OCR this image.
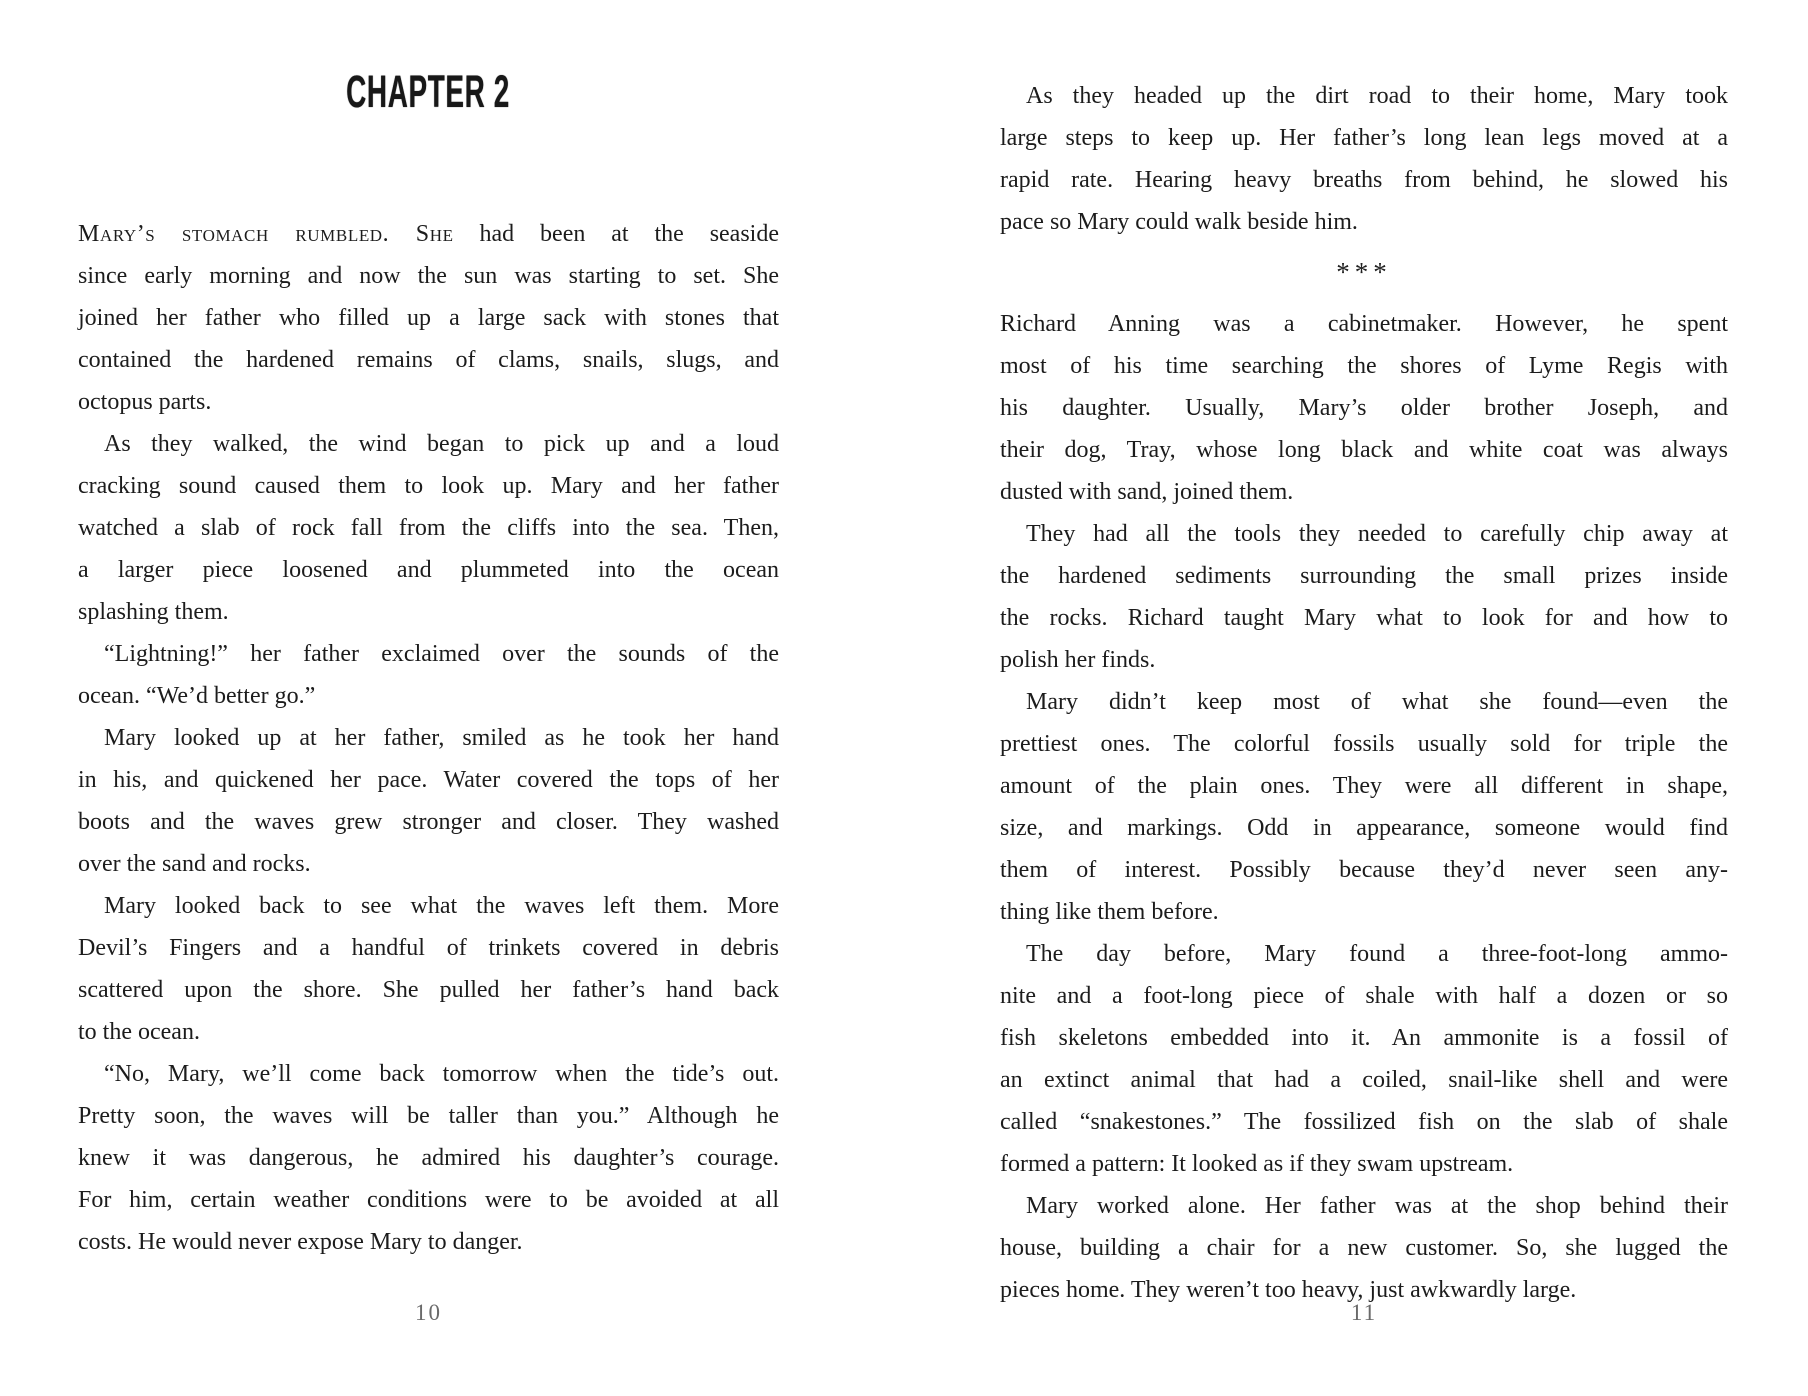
CHAPTER 2
Mary’s stomach rumbled. She had been at the seaside
since early morning and now the sun was starting to set. She
joined her father who filled up a large sack with stones that
contained the hardened remains of clams, snails, slugs, and
octopus parts.
As they walked, the wind began to pick up and a loud
cracking sound caused them to look up. Mary and her father
watched a slab of rock fall from the cliffs into the sea. Then,
a larger piece loosened and plummeted into the ocean
splashing them.
“Lightning!” her father exclaimed over the sounds of the
ocean. “We’d better go.”
Mary looked up at her father, smiled as he took her hand
in his, and quickened her pace. Water covered the tops of her
boots and the waves grew stronger and closer. They washed
over the sand and rocks.
Mary looked back to see what the waves left them. More
Devil’s Fingers and a handful of trinkets covered in debris
scattered upon the shore. She pulled her father’s hand back
to the ocean.
“No, Mary, we’ll come back tomorrow when the tide’s out.
Pretty soon, the waves will be taller than you.” Although he
knew it was dangerous, he admired his daughter’s courage.
For him, certain weather conditions were to be avoided at all
costs. He would never expose Mary to danger.
10
As they headed up the dirt road to their home, Mary took
large steps to keep up. Her father’s long lean legs moved at a
rapid rate. Hearing heavy breaths from behind, he slowed his
pace so Mary could walk beside him.
***
Richard Anning was a cabinetmaker. However, he spent
most of his time searching the shores of Lyme Regis with
his daughter. Usually, Mary’s older brother Joseph, and
their dog, Tray, whose long black and white coat was always
dusted with sand, joined them.
They had all the tools they needed to carefully chip away at
the hardened sediments surrounding the small prizes inside
the rocks. Richard taught Mary what to look for and how to
polish her finds.
Mary didn’t keep most of what she found—even the
prettiest ones. The colorful fossils usually sold for triple the
amount of the plain ones. They were all different in shape,
size, and markings. Odd in appearance, someone would find
them of interest. Possibly because they’d never seen any-
thing like them before.
The day before, Mary found a three-foot-long ammo-
nite and a foot-long piece of shale with half a dozen or so
fish skeletons embedded into it. An ammonite is a fossil of
an extinct animal that had a coiled, snail-like shell and were
called “snakestones.” The fossilized fish on the slab of shale
formed a pattern: It looked as if they swam upstream.
Mary worked alone. Her father was at the shop behind their
house, building a chair for a new customer. So, she lugged the
pieces home. They weren’t too heavy, just awkwardly large.
11
